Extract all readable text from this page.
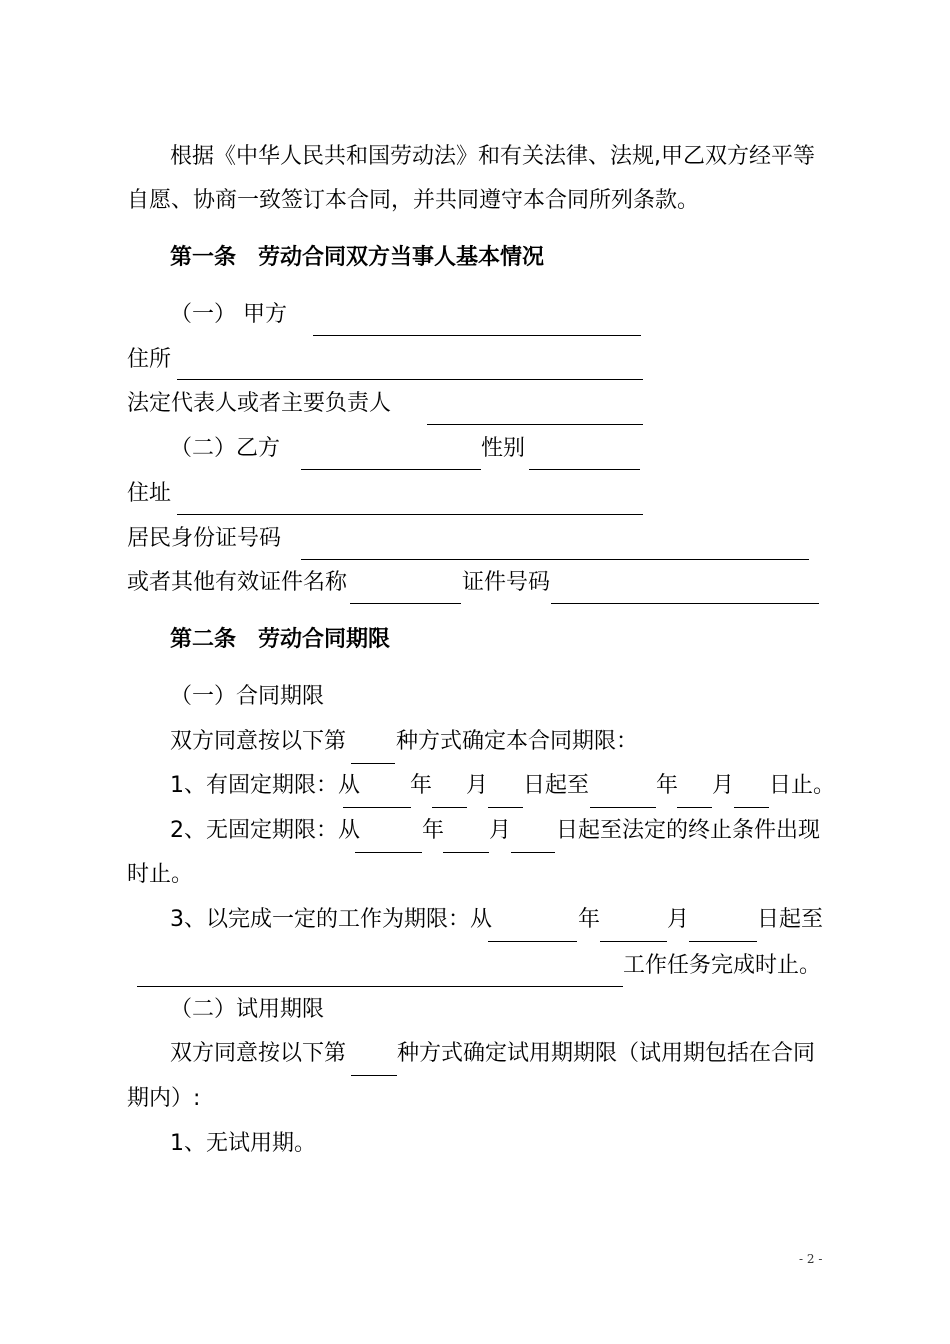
根据《中华人民共和国劳动法》和有关法律、法规,甲乙双方经平等
自愿、协商一致签订本合同，并共同遵守本合同所列条款。
第一条　劳动合同双方当事人基本情况
（一） 甲方
住所
法定代表人或者主要负责人
（二）乙方	性别
住址
居民身份证号码
或者其他有效证件名称	证件号码
第二条　劳动合同期限
（一）合同期限
双方同意按以下第 种方式确定本合同期限：
1、有固定期限：从 年 月 日起至	年 月 日止。
2、无固定期限：从	年 月 日起至法定的终止条件出现
时止。
3、以完成一定的工作为期限：从	年	月	日起至
工作任务完成时止。
（二）试用期限
双方同意按以下第 种方式确定试用期期限（试用期包括在合同
期内）:
1、无试用期。
- 2 -
